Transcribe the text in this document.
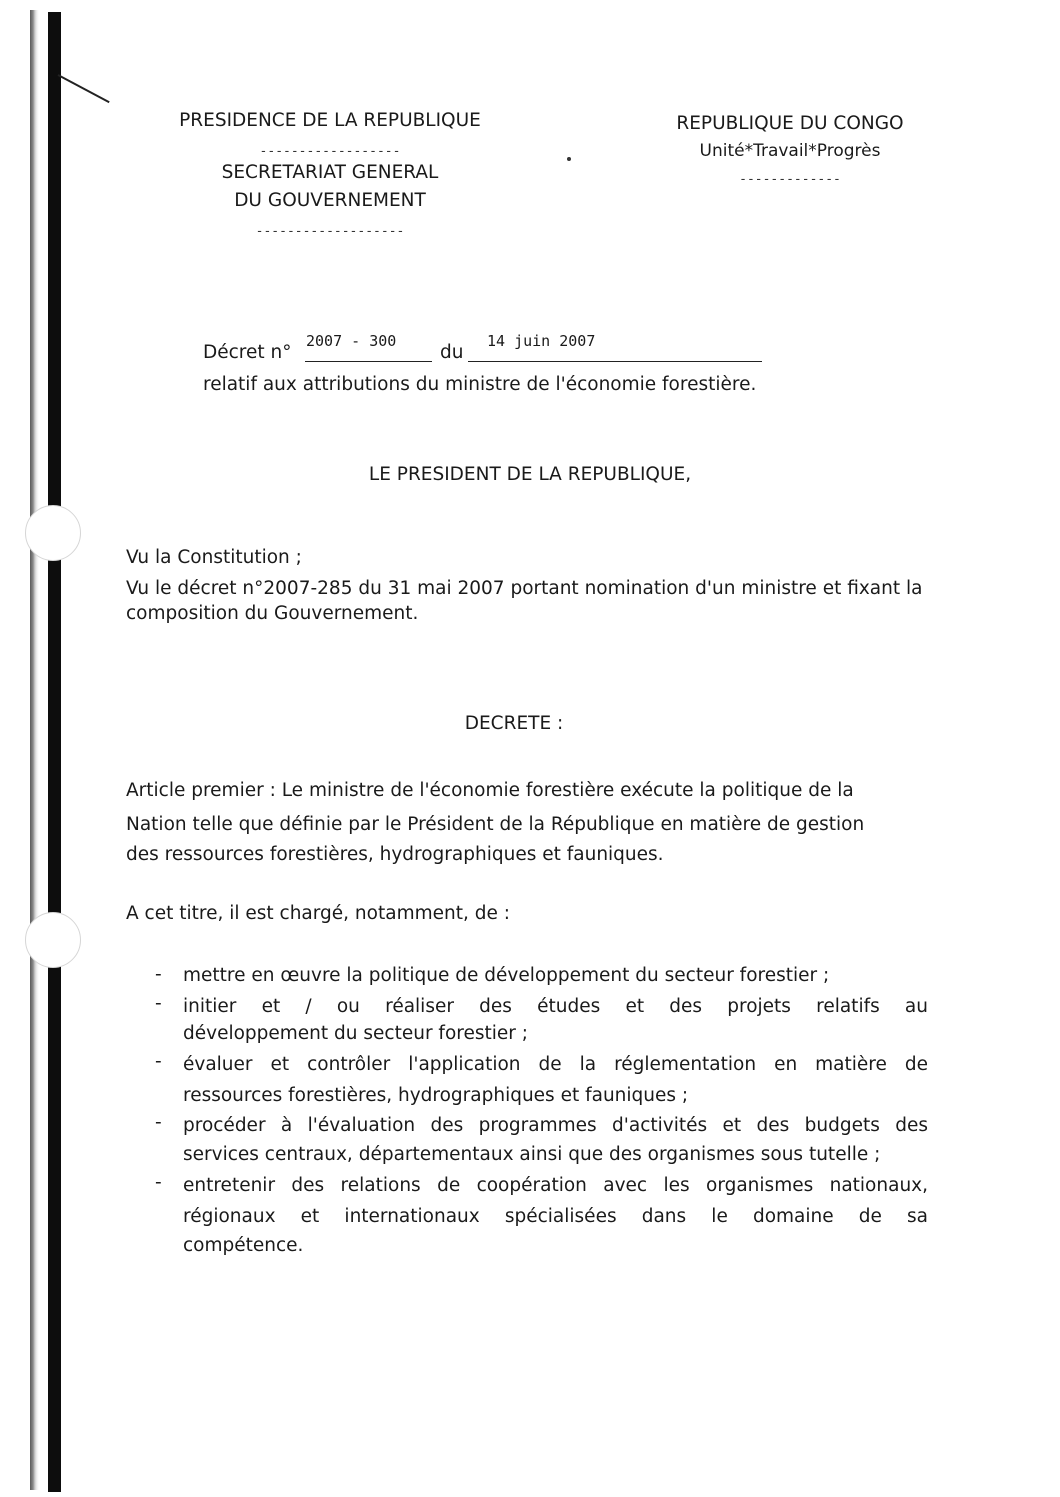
PRESIDENCE DE LA REPUBLIQUE
------------------
SECRETARIAT GENERAL
DU GOUVERNEMENT
-------------------
REPUBLIQUE DU CONGO
Unité*Travail*Progrès
-------------
Décret n°
2007 - 300
du
14 juin 2007
relatif aux attributions du ministre de l'économie forestière.
LE PRESIDENT DE LA REPUBLIQUE,
Vu la Constitution ;
Vu le décret n°2007-285 du 31 mai 2007 portant nomination d'un ministre et fixant la
composition du Gouvernement.
DECRETE :
Article premier : Le ministre de l'économie forestière exécute la politique de la
Nation telle que définie par le Président de la République en matière de gestion
des ressources forestières, hydrographiques et fauniques.
A cet titre, il est chargé, notamment, de :
- mettre en œuvre la politique de développement du secteur forestier ;
- initier et / ou réaliser des études et des projets relatifs au
développement du secteur forestier ;
- évaluer et contrôler l'application de la réglementation en matière de
ressources forestières, hydrographiques et fauniques ;
- procéder à l'évaluation des programmes d'activités et des budgets des
services centraux, départementaux ainsi que des organismes sous tutelle ;
- entretenir des relations de coopération avec les organismes nationaux,
régionaux et internationaux spécialisées dans le domaine de sa
compétence.
